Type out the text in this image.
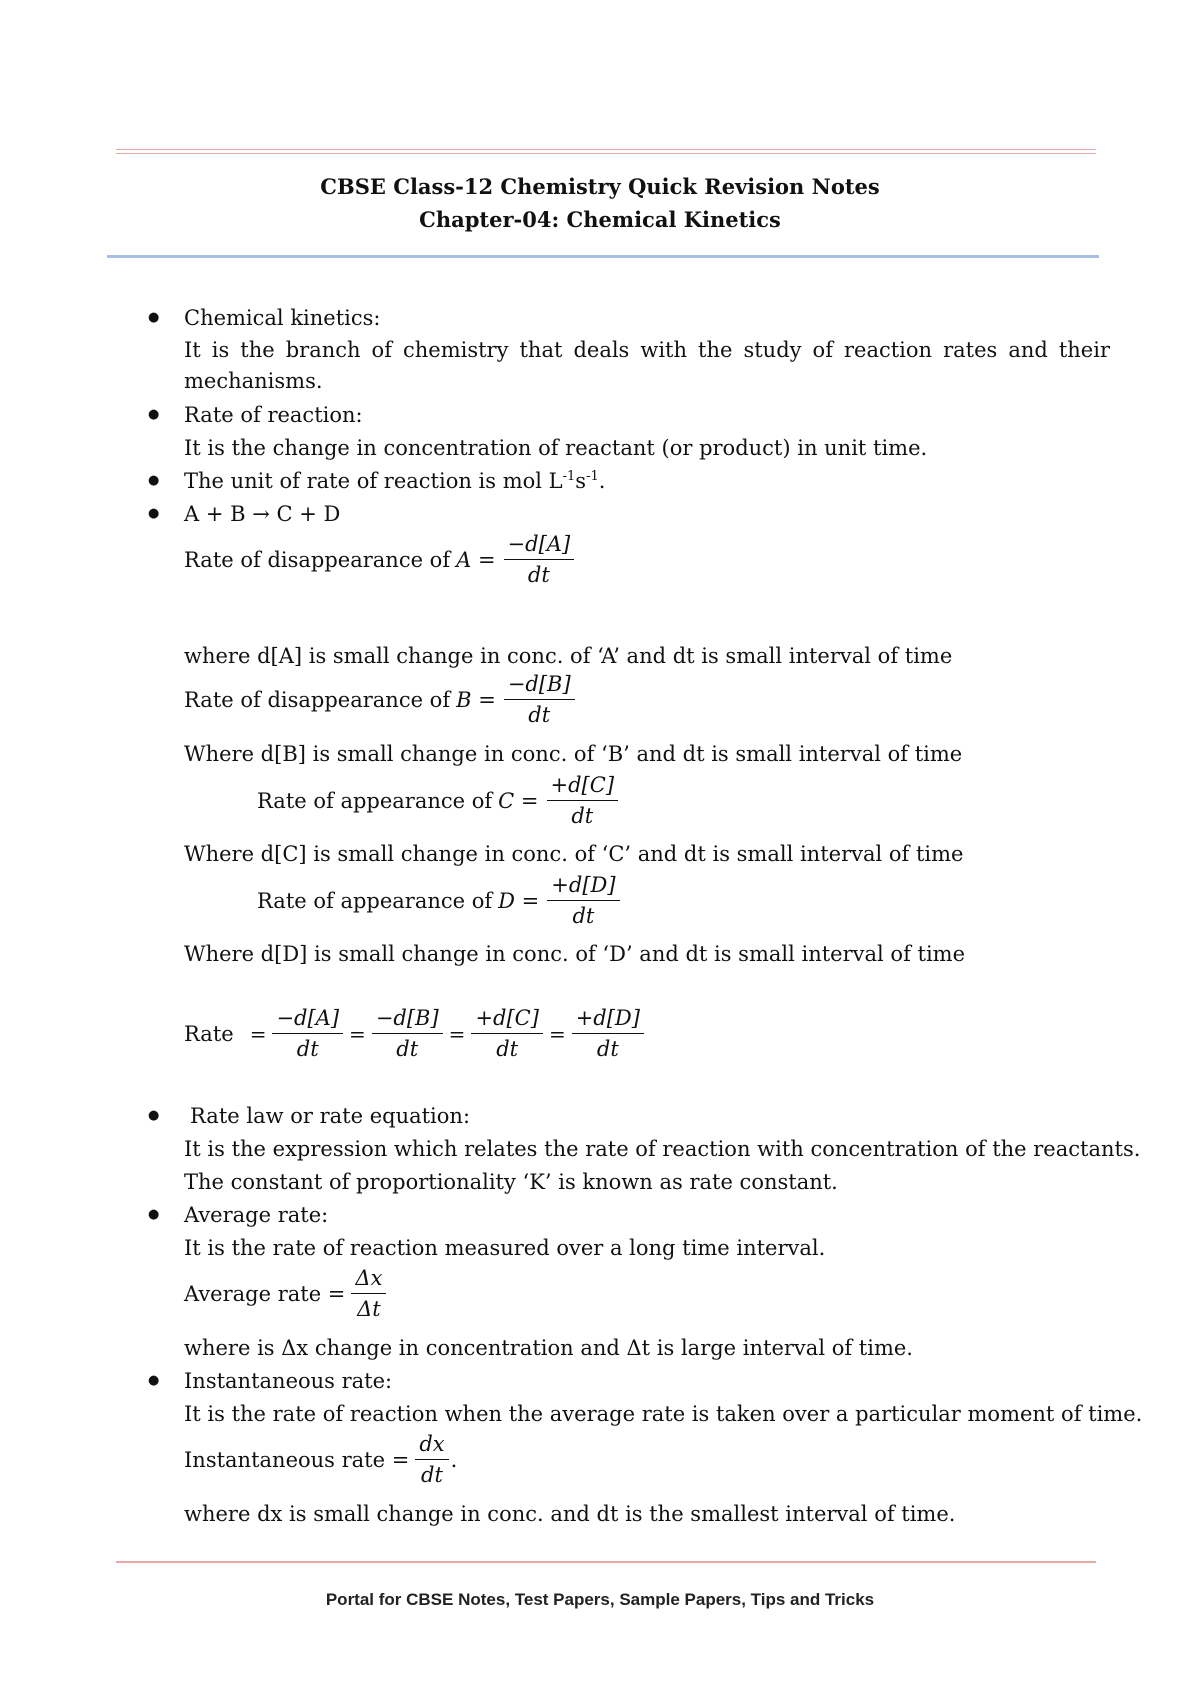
CBSE Class-12 Chemistry Quick Revision Notes
Chapter-04: Chemical Kinetics
● Chemical kinetics:
It is the branch of chemistry that deals with the study of reaction rates and their
mechanisms.
● Rate of reaction:
It is the change in concentration of reactant (or product) in unit time.
● The unit of rate of reaction is mol $L^{-1}s^{-1}$.
● A + B → C + D
Rate of disappearance of $A = \frac{-d[A]}{dt}$
where d[A] is small change in conc. of ‘A’ and dt is small interval of time
Rate of disappearance of $B = \frac{-d[B]}{dt}$
Where d[B] is small change in conc. of ‘B’ and dt is small interval of time
Rate of appearance of $C = \frac{+d[C]}{dt}$
Where d[C] is small change in conc. of ‘C’ and dt is small interval of time
Rate of appearance of $D = \frac{+d[D]}{dt}$
Where d[D] is small change in conc. of ‘D’ and dt is small interval of time
Rate = $\frac{-d[A]}{dt} = \frac{-d[B]}{dt} = \frac{+d[C]}{dt} = \frac{+d[D]}{dt}$
● Rate law or rate equation:
It is the expression which relates the rate of reaction with concentration of the reactants.
The constant of proportionality ‘K’ is known as rate constant.
● Average rate:
It is the rate of reaction measured over a long time interval.
Average rate = $\frac{\Delta x}{\Delta t}$
where is Δx change in concentration and Δt is large interval of time.
● Instantaneous rate:
It is the rate of reaction when the average rate is taken over a particular moment of time.
Instantaneous rate = $\frac{dx}{dt}$ .
where dx is small change in conc. and dt is the smallest interval of time.
Portal for CBSE Notes, Test Papers, Sample Papers, Tips and Tricks
